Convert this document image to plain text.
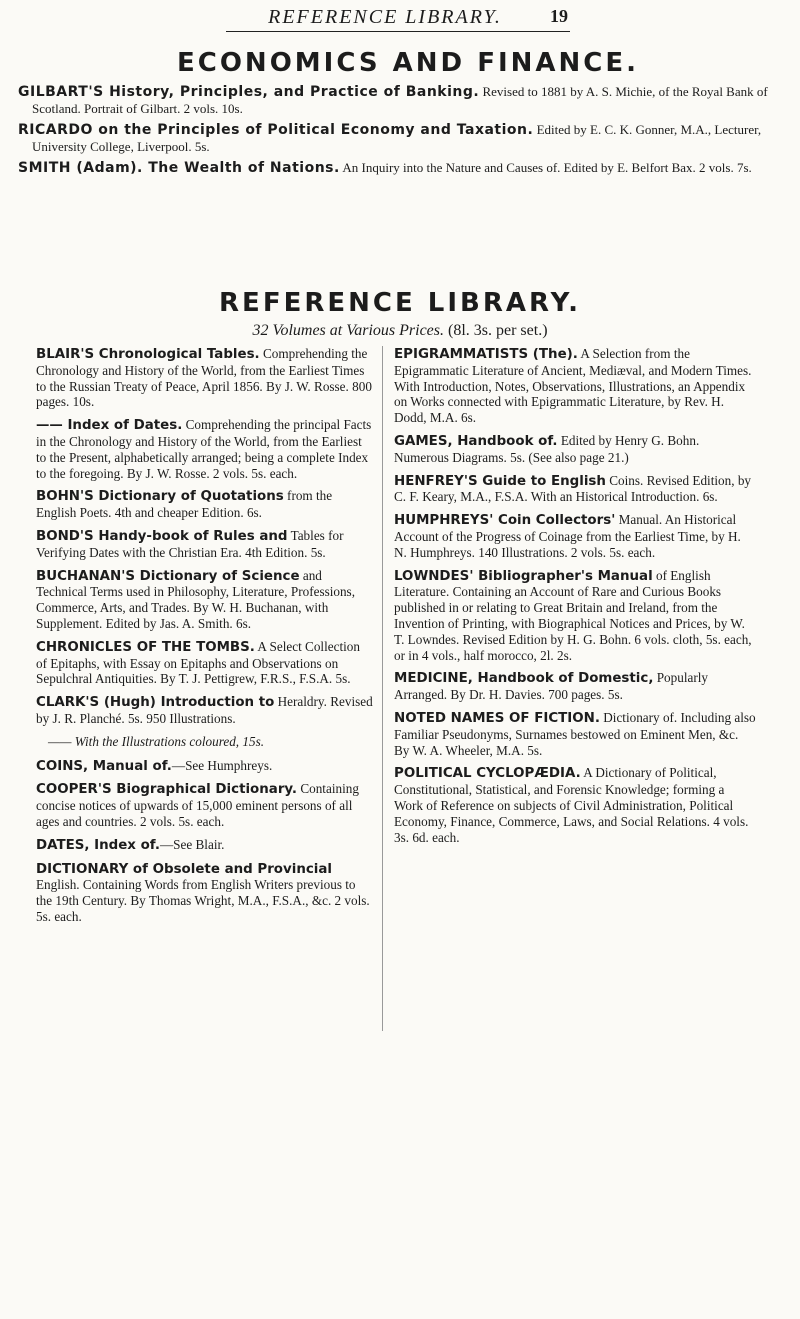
REFERENCE LIBRARY.	19
ECONOMICS AND FINANCE.

GILBART'S History, Principles, and Practice of Banking. Revised to 1881 by A. S. Michie, of the Royal Bank of Scotland. Portrait of Gilbart. 2 vols. 10s.

RICARDO on the Principles of Political Economy and Taxation. Edited by E. C. K. Gonner, M.A., Lecturer, University College, Liverpool. 5s.

SMITH (Adam). The Wealth of Nations. An Inquiry into the Nature and Causes of. Edited by E. Belfort Bax. 2 vols. 7s.

REFERENCE LIBRARY.
32 Volumes at Various Prices. (8l. 3s. per set.)

BLAIR'S Chronological Tables. Comprehending the Chronology and History of the World, from the Earliest Times to the Russian Treaty of Peace, April 1856. By J. W. Rosse. 800 pages. 10s.

—— Index of Dates. Comprehending the principal Facts in the Chronology and History of the World, from the Earliest to the Present, alphabetically arranged; being a complete Index to the foregoing. By J. W. Rosse. 2 vols. 5s. each.

BOHN'S Dictionary of Quotations from the English Poets. 4th and cheaper Edition. 6s.

BOND'S Handy-book of Rules and Tables for Verifying Dates with the Christian Era. 4th Edition. 5s.

BUCHANAN'S Dictionary of Science and Technical Terms used in Philosophy, Literature, Professions, Commerce, Arts, and Trades. By W. H. Buchanan, with Supplement. Edited by Jas. A. Smith. 6s.

CHRONICLES OF THE TOMBS. A Select Collection of Epitaphs, with Essay on Epitaphs and Observations on Sepulchral Antiquities. By T. J. Pettigrew, F.R.S., F.S.A. 5s.

CLARK'S (Hugh) Introduction to Heraldry. Revised by J. R. Planché. 5s. 950 Illustrations.

—— With the Illustrations coloured, 15s.

COINS, Manual of.—See Humphreys.

COOPER'S Biographical Dictionary. Containing concise notices of upwards of 15,000 eminent persons of all ages and countries. 2 vols. 5s. each.

DATES, Index of.—See Blair.

DICTIONARY of Obsolete and Provincial English. Containing Words from English Writers previous to the 19th Century. By Thomas Wright, M.A., F.S.A., &c. 2 vols. 5s. each.

EPIGRAMMATISTS (The). A Selection from the Epigrammatic Literature of Ancient, Mediæval, and Modern Times. With Introduction, Notes, Observations, Illustrations, an Appendix on Works connected with Epigrammatic Literature, by Rev. H. Dodd, M.A. 6s.

GAMES, Handbook of. Edited by Henry G. Bohn. Numerous Diagrams. 5s. (See also page 21.)

HENFREY'S Guide to English Coins. Revised Edition, by C. F. Keary, M.A., F.S.A. With an Historical Introduction. 6s.

HUMPHREYS' Coin Collectors' Manual. An Historical Account of the Progress of Coinage from the Earliest Time, by H. N. Humphreys. 140 Illustrations. 2 vols. 5s. each.

LOWNDES' Bibliographer's Manual of English Literature. Containing an Account of Rare and Curious Books published in or relating to Great Britain and Ireland, from the Invention of Printing, with Biographical Notices and Prices, by W. T. Lowndes. Revised Edition by H. G. Bohn. 6 vols. cloth, 5s. each, or in 4 vols., half morocco, 2l. 2s.

MEDICINE, Handbook of Domestic, Popularly Arranged. By Dr. H. Davies. 700 pages. 5s.

NOTED NAMES OF FICTION. Dictionary of. Including also Familiar Pseudonyms, Surnames bestowed on Eminent Men, &c. By W. A. Wheeler, M.A. 5s.

POLITICAL CYCLOPÆDIA. A Dictionary of Political, Constitutional, Statistical, and Forensic Knowledge; forming a Work of Reference on subjects of Civil Administration, Political Economy, Finance, Commerce, Laws, and Social Relations. 4 vols. 3s. 6d. each.
